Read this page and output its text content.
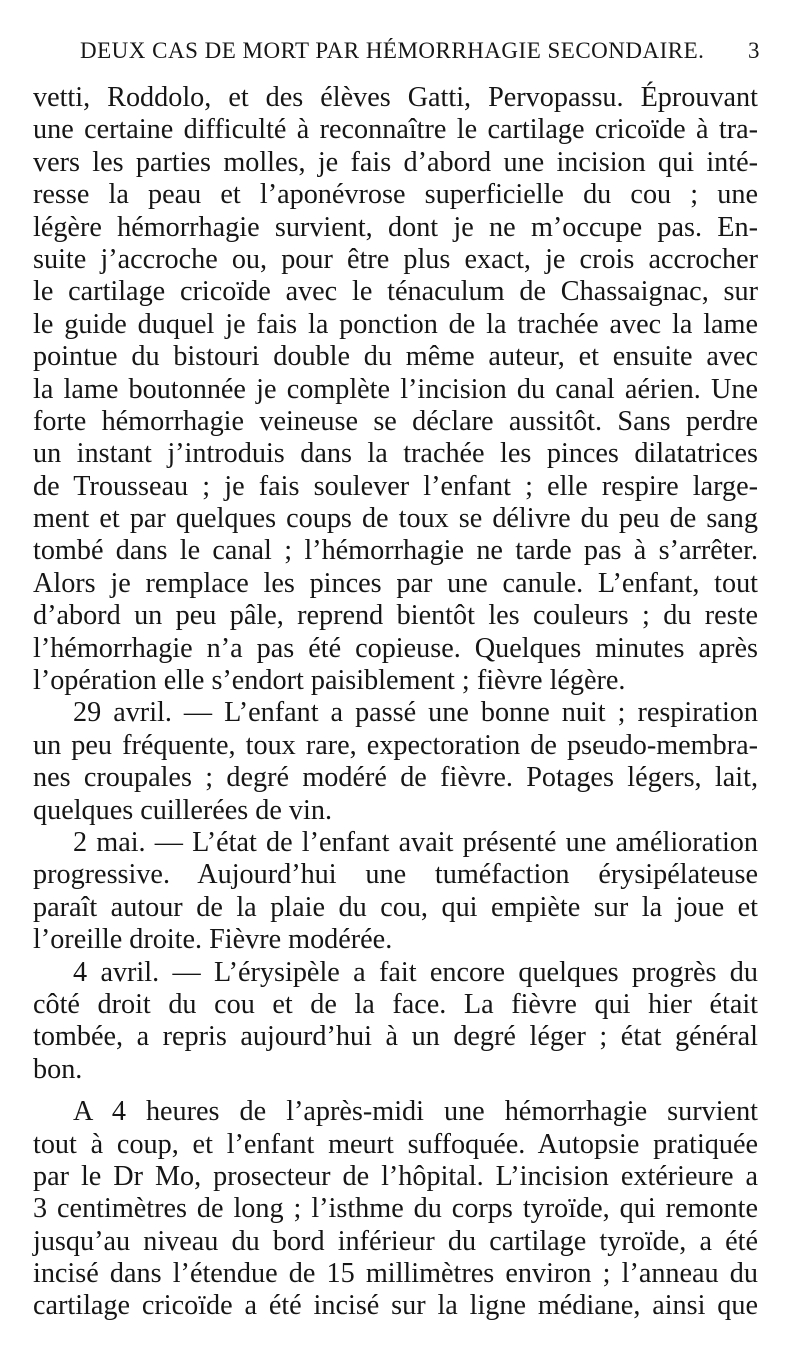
DEUX CAS DE MORT PAR HÉMORRHAGIE SECONDAIRE. 3
vetti, Roddolo, et des élèves Gatti, Pervopassu. Éprouvant
une certaine difficulté à reconnaître le cartilage cricoïde à tra-
vers les parties molles, je fais d’abord une incision qui inté-
resse la peau et l’aponévrose superficielle du cou ; une
légère hémorrhagie survient, dont je ne m’occupe pas. En-
suite j’accroche ou, pour être plus exact, je crois accrocher
le cartilage cricoïde avec le ténaculum de Chassaignac, sur
le guide duquel je fais la ponction de la trachée avec la lame
pointue du bistouri double du même auteur, et ensuite avec
la lame boutonnée je complète l’incision du canal aérien. Une
forte hémorrhagie veineuse se déclare aussitôt. Sans perdre
un instant j’introduis dans la trachée les pinces dilatatrices
de Trousseau ; je fais soulever l’enfant ; elle respire large-
ment et par quelques coups de toux se délivre du peu de sang
tombé dans le canal ; l’hémorrhagie ne tarde pas à s’arrêter.
Alors je remplace les pinces par une canule. L’enfant, tout
d’abord un peu pâle, reprend bientôt les couleurs ; du reste
l’hémorrhagie n’a pas été copieuse. Quelques minutes après
l’opération elle s’endort paisiblement ; fièvre légère.
29 avril. — L’enfant a passé une bonne nuit ; respiration
un peu fréquente, toux rare, expectoration de pseudo-membra-
nes croupales ; degré modéré de fièvre. Potages légers, lait,
quelques cuillerées de vin.
2 mai. — L’état de l’enfant avait présenté une amélioration
progressive. Aujourd’hui une tuméfaction érysipélateuse
paraît autour de la plaie du cou, qui empiète sur la joue et
l’oreille droite. Fièvre modérée.
4 avril. — L’érysipèle a fait encore quelques progrès du
côté droit du cou et de la face. La fièvre qui hier était
tombée, a repris aujourd’hui à un degré léger ; état général
bon.
A 4 heures de l’après-midi une hémorrhagie survient
tout à coup, et l’enfant meurt suffoquée. Autopsie pratiquée
par le Dr Mo, prosecteur de l’hôpital. L’incision extérieure a
3 centimètres de long ; l’isthme du corps tyroïde, qui remonte
jusqu’au niveau du bord inférieur du cartilage tyroïde, a été
incisé dans l’étendue de 15 millimètres environ ; l’anneau du
cartilage cricoïde a été incisé sur la ligne médiane, ainsi que
